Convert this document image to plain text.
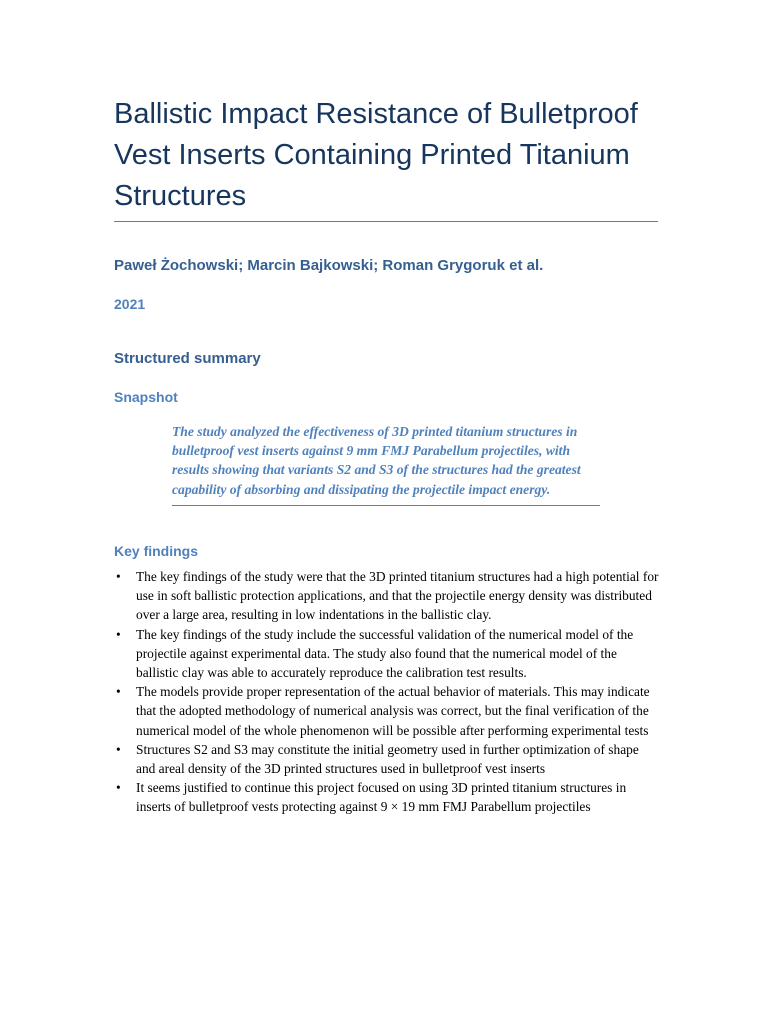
Ballistic Impact Resistance of Bulletproof Vest Inserts Containing Printed Titanium Structures
Paweł Żochowski; Marcin Bajkowski; Roman Grygoruk et al.
2021
Structured summary
Snapshot
The study analyzed the effectiveness of 3D printed titanium structures in bulletproof vest inserts against 9 mm FMJ Parabellum projectiles, with results showing that variants S2 and S3 of the structures had the greatest capability of absorbing and dissipating the projectile impact energy.
Key findings
• The key findings of the study were that the 3D printed titanium structures had a high potential for use in soft ballistic protection applications, and that the projectile energy density was distributed over a large area, resulting in low indentations in the ballistic clay.
• The key findings of the study include the successful validation of the numerical model of the projectile against experimental data. The study also found that the numerical model of the ballistic clay was able to accurately reproduce the calibration test results.
• The models provide proper representation of the actual behavior of materials. This may indicate that the adopted methodology of numerical analysis was correct, but the final verification of the numerical model of the whole phenomenon will be possible after performing experimental tests
• Structures S2 and S3 may constitute the initial geometry used in further optimization of shape and areal density of the 3D printed structures used in bulletproof vest inserts
• It seems justified to continue this project focused on using 3D printed titanium structures in inserts of bulletproof vests protecting against 9 × 19 mm FMJ Parabellum projectiles
